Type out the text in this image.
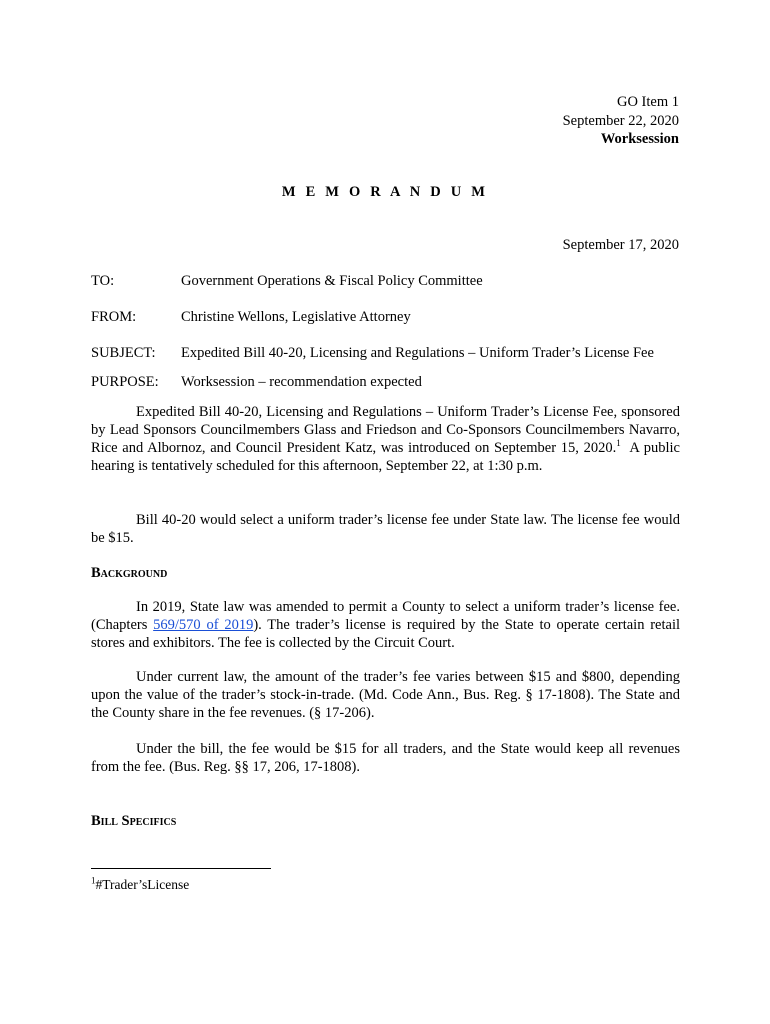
GO Item 1
September 22, 2020
Worksession
M E M O R A N D U M
September 17, 2020
TO:	Government Operations & Fiscal Policy Committee
FROM:	Christine Wellons, Legislative Attorney
SUBJECT: Expedited Bill 40-20, Licensing and Regulations – Uniform Trader’s License Fee
PURPOSE: Worksession – recommendation expected
Expedited Bill 40-20, Licensing and Regulations – Uniform Trader’s License Fee, sponsored by Lead Sponsors Councilmembers Glass and Friedson and Co-Sponsors Councilmembers Navarro, Rice and Albornoz, and Council President Katz, was introduced on September 15, 2020.$^1$  A public hearing is tentatively scheduled for this afternoon, September 22, at 1:30 p.m.
Bill 40-20 would select a uniform trader’s license fee under State law. The license fee would be $15.
Background
In 2019, State law was amended to permit a County to select a uniform trader’s license fee. (Chapters 569/570 of 2019). The trader’s license is required by the State to operate certain retail stores and exhibitors. The fee is collected by the Circuit Court.
Under current law, the amount of the trader’s fee varies between $15 and $800, depending upon the value of the trader’s stock-in-trade. (Md. Code Ann., Bus. Reg. § 17-1808). The State and the County share in the fee revenues. (§ 17-206).
Under the bill, the fee would be $15 for all traders, and the State would keep all revenues from the fee. (Bus. Reg. §§ 17, 206, 17-1808).
Bill Specifics
$^1$#Trader’sLicense
